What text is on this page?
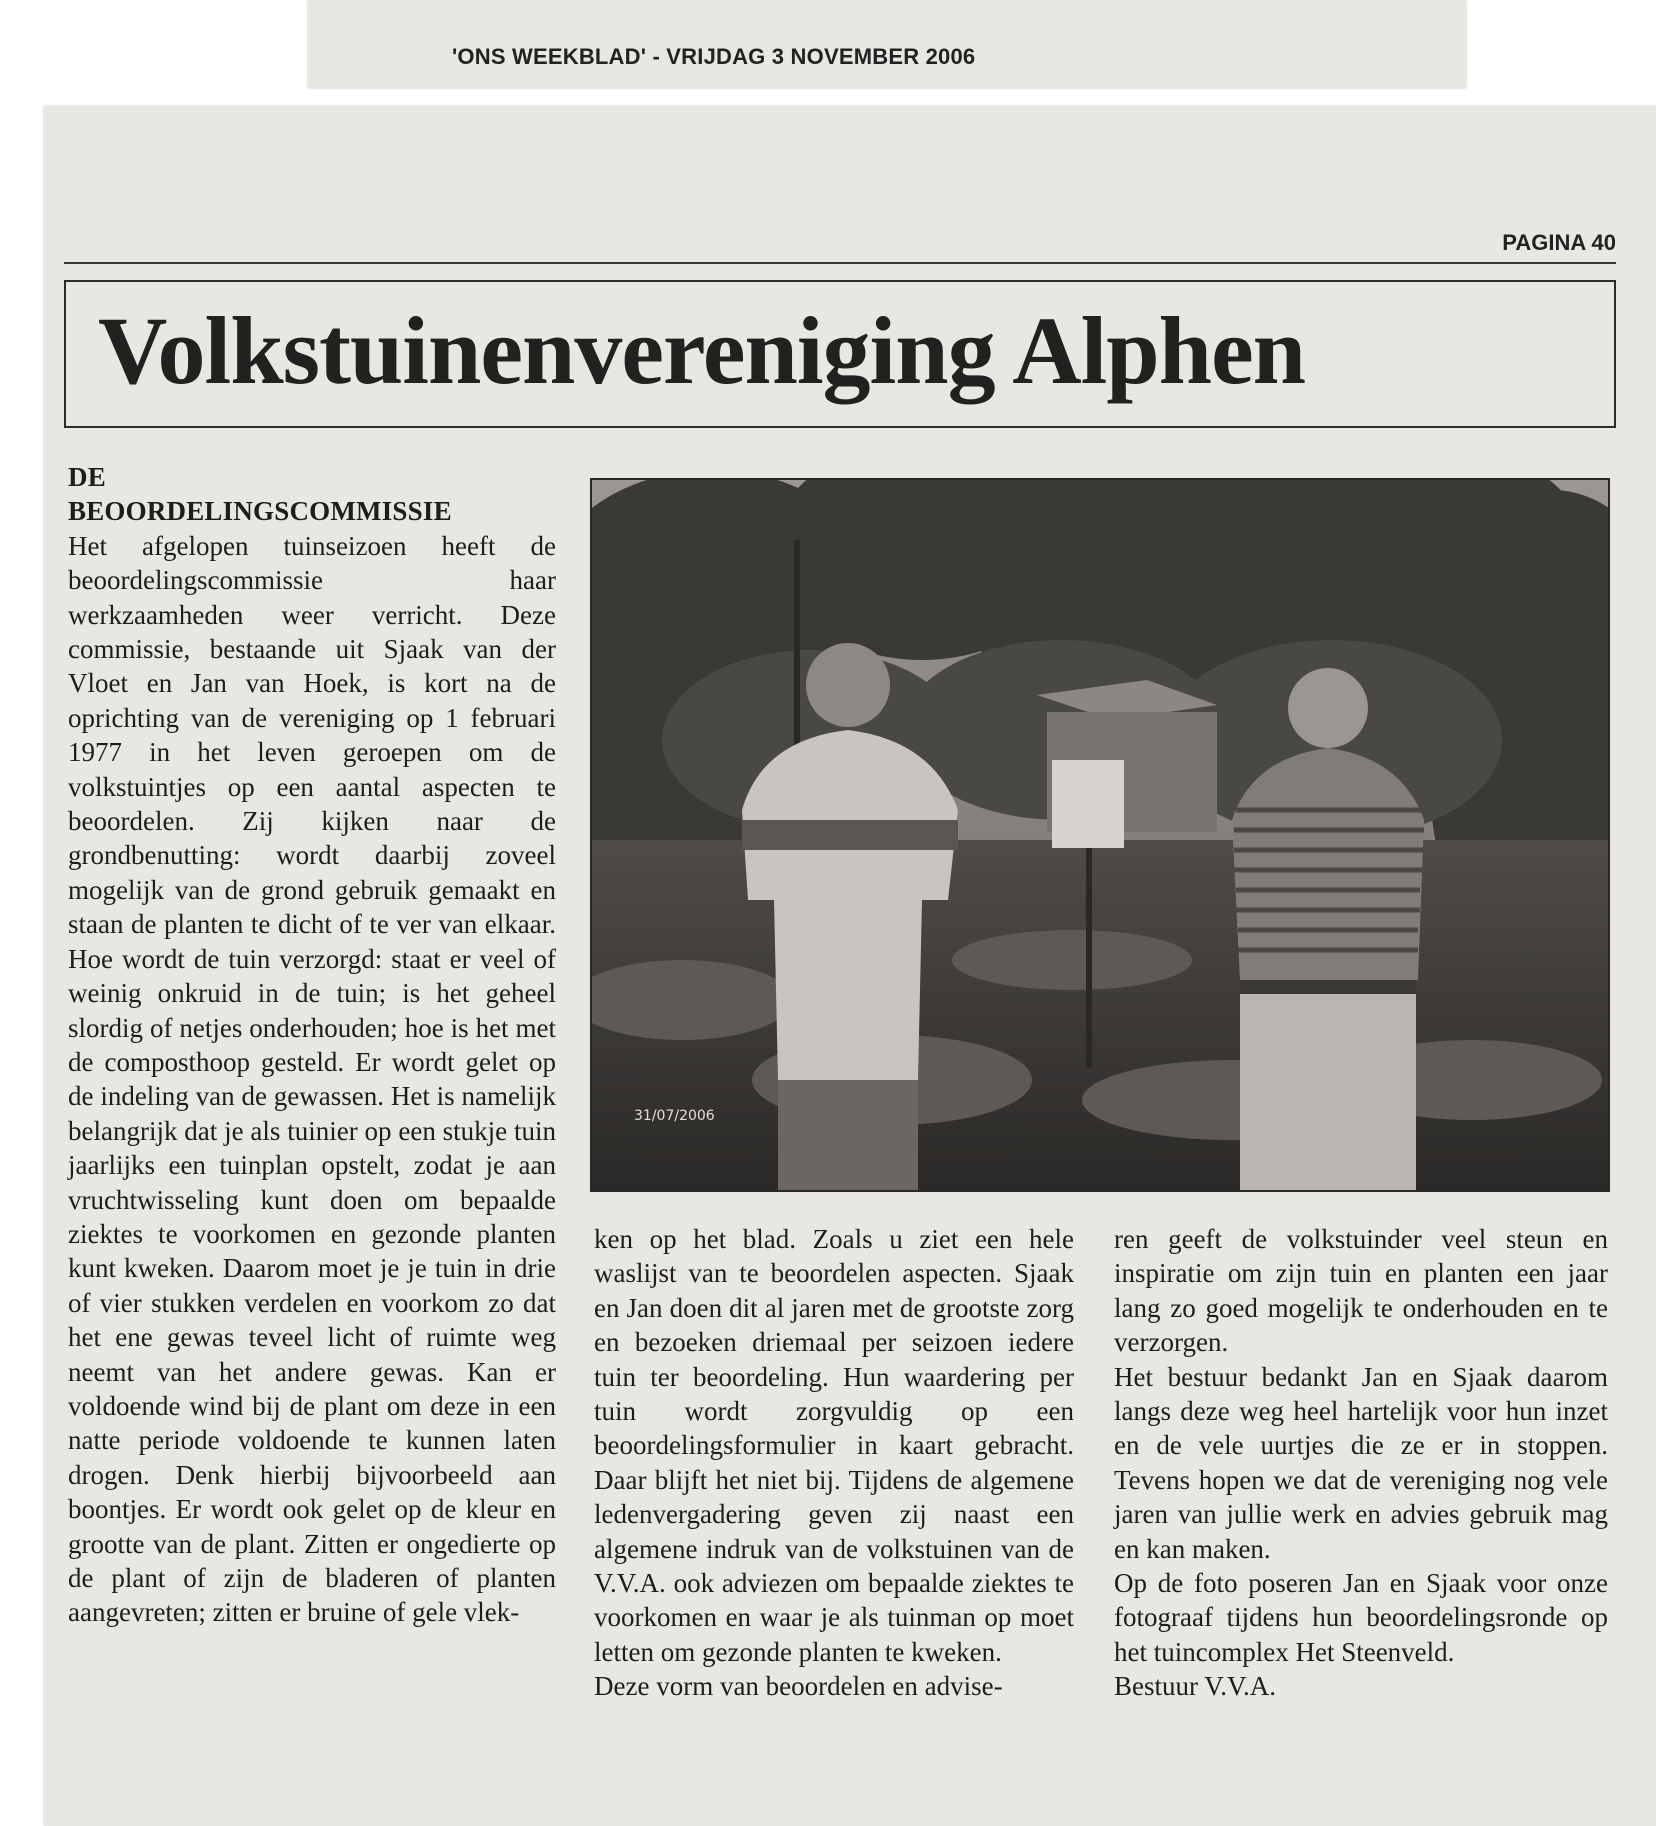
'ONS WEEKBLAD' - VRIJDAG 3 NOVEMBER 2006
PAGINA 40
Volkstuinenvereniging Alphen
DE
BEOORDELINGSCOMMISSIE

Het afgelopen tuinseizoen heeft de beoordelingscommissie haar werkzaamheden weer verricht. Deze commissie, bestaande uit Sjaak van der Vloet en Jan van Hoek, is kort na de oprichting van de vereniging op 1 februari 1977 in het leven geroepen om de volkstuintjes op een aantal aspecten te beoordelen. Zij kijken naar de grondbenutting: wordt daarbij zoveel mogelijk van de grond gebruik gemaakt en staan de planten te dicht of te ver van elkaar. Hoe wordt de tuin verzorgd: staat er veel of weinig onkruid in de tuin; is het geheel slordig of netjes onderhouden; hoe is het met de composthoop gesteld. Er wordt gelet op de indeling van de gewassen. Het is namelijk belangrijk dat je als tuinier op een stukje tuin jaarlijks een tuinplan opstelt, zodat je aan vruchtwisseling kunt doen om bepaalde ziektes te voorkomen en gezonde planten kunt kweken. Daarom moet je je tuin in drie of vier stukken verdelen en voorkom zo dat het ene gewas teveel licht of ruimte weg neemt van het andere gewas. Kan er voldoende wind bij de plant om deze in een natte periode voldoende te kunnen laten drogen. Denk hierbij bijvoorbeeld aan boontjes. Er wordt ook gelet op de kleur en grootte van de plant. Zitten er ongedierte op de plant of zijn de bladeren of planten aangevreten; zitten er bruine of gele vlek-

31/07/2006

ken op het blad. Zoals u ziet een hele waslijst van te beoordelen aspecten. Sjaak en Jan doen dit al jaren met de grootste zorg en bezoeken driemaal per seizoen iedere tuin ter beoordeling. Hun waardering per tuin wordt zorgvuldig op een beoordelingsformulier in kaart gebracht. Daar blijft het niet bij. Tijdens de algemene ledenvergadering geven zij naast een algemene indruk van de volkstuinen van de V.V.A. ook adviezen om bepaalde ziektes te voorkomen en waar je als tuinman op moet letten om gezonde planten te kweken.

Deze vorm van beoordelen en advise-

ren geeft de volkstuinder veel steun en inspiratie om zijn tuin en planten een jaar lang zo goed mogelijk te onderhouden en te verzorgen.

Het bestuur bedankt Jan en Sjaak daarom langs deze weg heel hartelijk voor hun inzet en de vele uurtjes die ze er in stoppen. Tevens hopen we dat de vereniging nog vele jaren van jullie werk en advies gebruik mag en kan maken.

Op de foto poseren Jan en Sjaak voor onze fotograaf tijdens hun beoordelingsronde op het tuincomplex Het Steenveld.

Bestuur V.V.A.
